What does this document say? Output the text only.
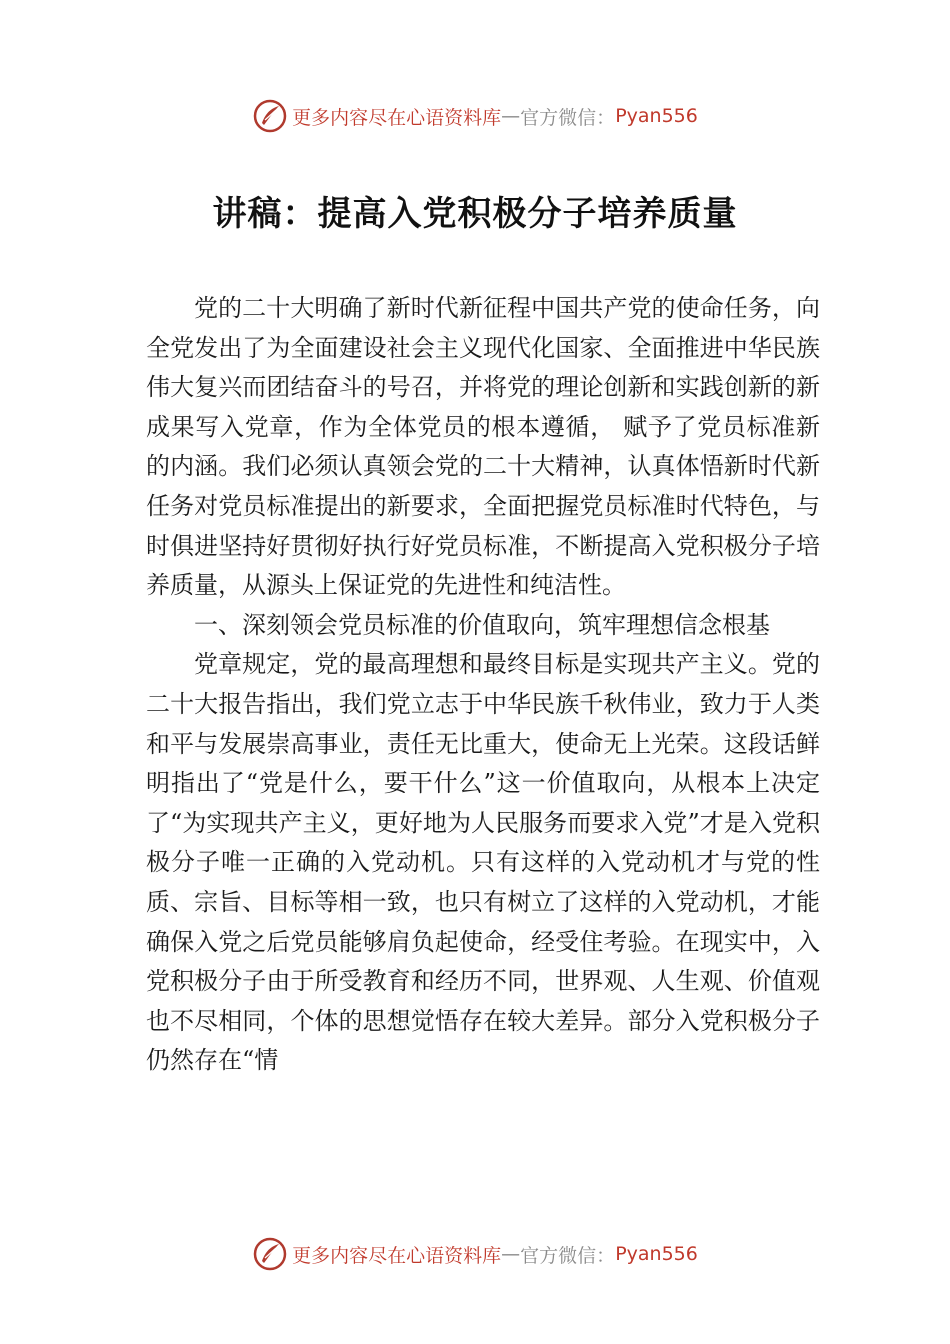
更多内容尽在心语资料库 — 官方微信： Pyan556
讲稿：提高入党积极分子培养质量

党的二十大明确了新时代新征程中国共产党的使命任务，向全党发出了为全面建设社会主义现代化国家、全面推进中华民族伟大复兴而团结奋斗的号召，并将党的理论创新和实践创新的新成果写入党章，作为全体党员的根本遵循， 赋予了党员标准新的内涵。我们必须认真领会党的二十大精神，认真体悟新时代新任务对党员标准提出的新要求，全面把握党员标准时代特色，与时俱进坚持好贯彻好执行好党员标准，不断提高入党积极分子培养质量，从源头上保证党的先进性和纯洁性。

一、深刻领会党员标准的价值取向，筑牢理想信念根基

党章规定，党的最高理想和最终目标是实现共产主义。党的二十大报告指出，我们党立志于中华民族千秋伟业，致力于人类和平与发展崇高事业，责任无比重大，使命无上光荣。这段话鲜明指出了“党是什么，要干什么”这一价值取向，从根本上决定了“为实现共产主义，更好地为人民服务而要求入党”才是入党积极分子唯一正确的入党动机。只有这样的入党动机才与党的性质、宗旨、目标等相一致，也只有树立了这样的入党动机，才能确保入党之后党员能够肩负起使命，经受住考验。在现实中，入党积极分子由于所受教育和经历不同，世界观、人生观、价值观也不尽相同，个体的思想觉悟存在较大差异。部分入党积极分子仍然存在“情

更多内容尽在心语资料库 — 官方微信： Pyan556
